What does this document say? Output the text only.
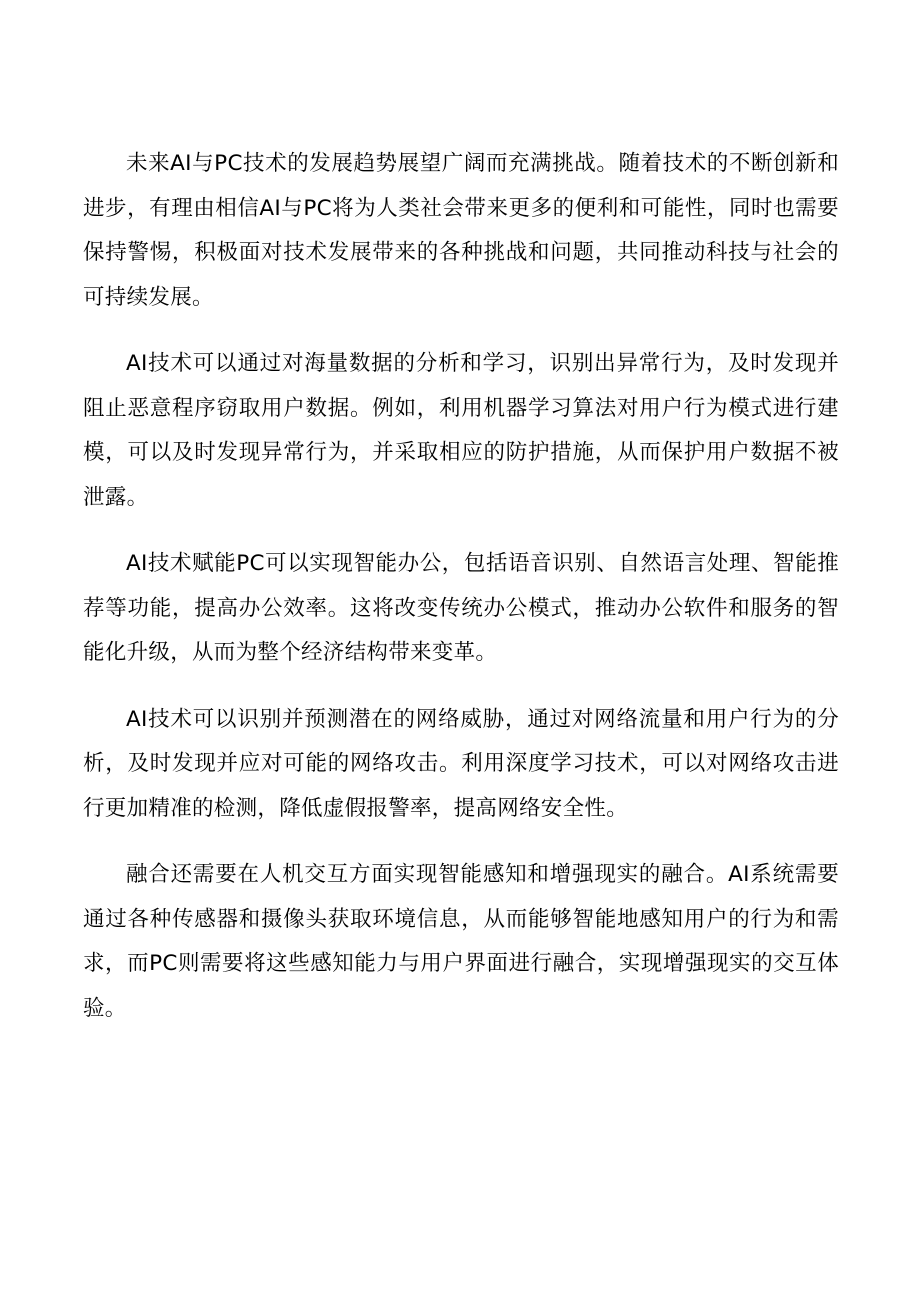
未来AI与PC技术的发展趋势展望广阔而充满挑战。随着技术的不断创新和进步，有理由相信AI与PC将为人类社会带来更多的便利和可能性，同时也需要保持警惕，积极面对技术发展带来的各种挑战和问题，共同推动科技与社会的可持续发展。

AI技术可以通过对海量数据的分析和学习，识别出异常行为，及时发现并阻止恶意程序窃取用户数据。例如，利用机器学习算法对用户行为模式进行建模，可以及时发现异常行为，并采取相应的防护措施，从而保护用户数据不被泄露。

AI技术赋能PC可以实现智能办公，包括语音识别、自然语言处理、智能推荐等功能，提高办公效率。这将改变传统办公模式，推动办公软件和服务的智能化升级，从而为整个经济结构带来变革。

AI技术可以识别并预测潜在的网络威胁，通过对网络流量和用户行为的分析，及时发现并应对可能的网络攻击。利用深度学习技术，可以对网络攻击进行更加精准的检测，降低虚假报警率，提高网络安全性。

融合还需要在人机交互方面实现智能感知和增强现实的融合。AI系统需要通过各种传感器和摄像头获取环境信息，从而能够智能地感知用户的行为和需求，而PC则需要将这些感知能力与用户界面进行融合，实现增强现实的交互体验。
